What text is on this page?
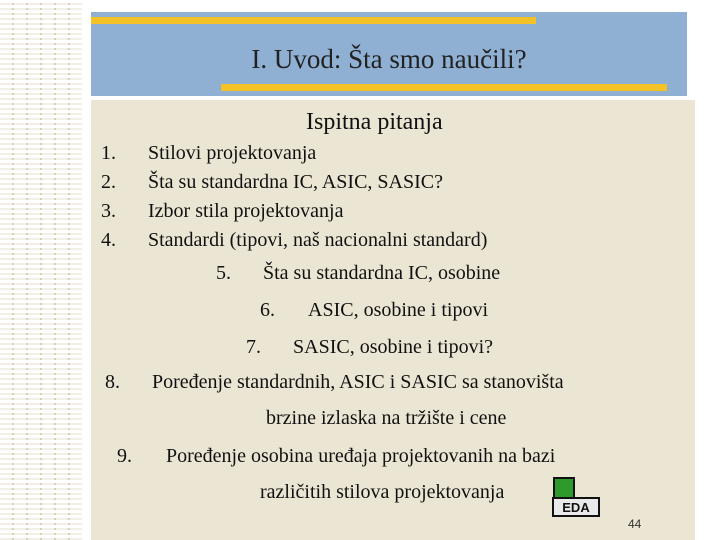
I. Uvod: Šta smo naučili?
Ispitna pitanja
1. Stilovi projektovanja
2. Šta su standardna IC, ASIC, SASIC?
3. Izbor stila projektovanja
4. Standardi (tipovi, naš nacionalni standard)
5. Šta su standardna IC, osobine
6. ASIC, osobine i tipovi
7. SASIC, osobine i tipovi?
8. Poređenje standardnih, ASIC i SASIC sa stanovišta
brzine izlaska na tržište i cene
9. Poređenje osobina uređaja projektovanih na bazi
različitih stilova projektovanja
EDA
44
